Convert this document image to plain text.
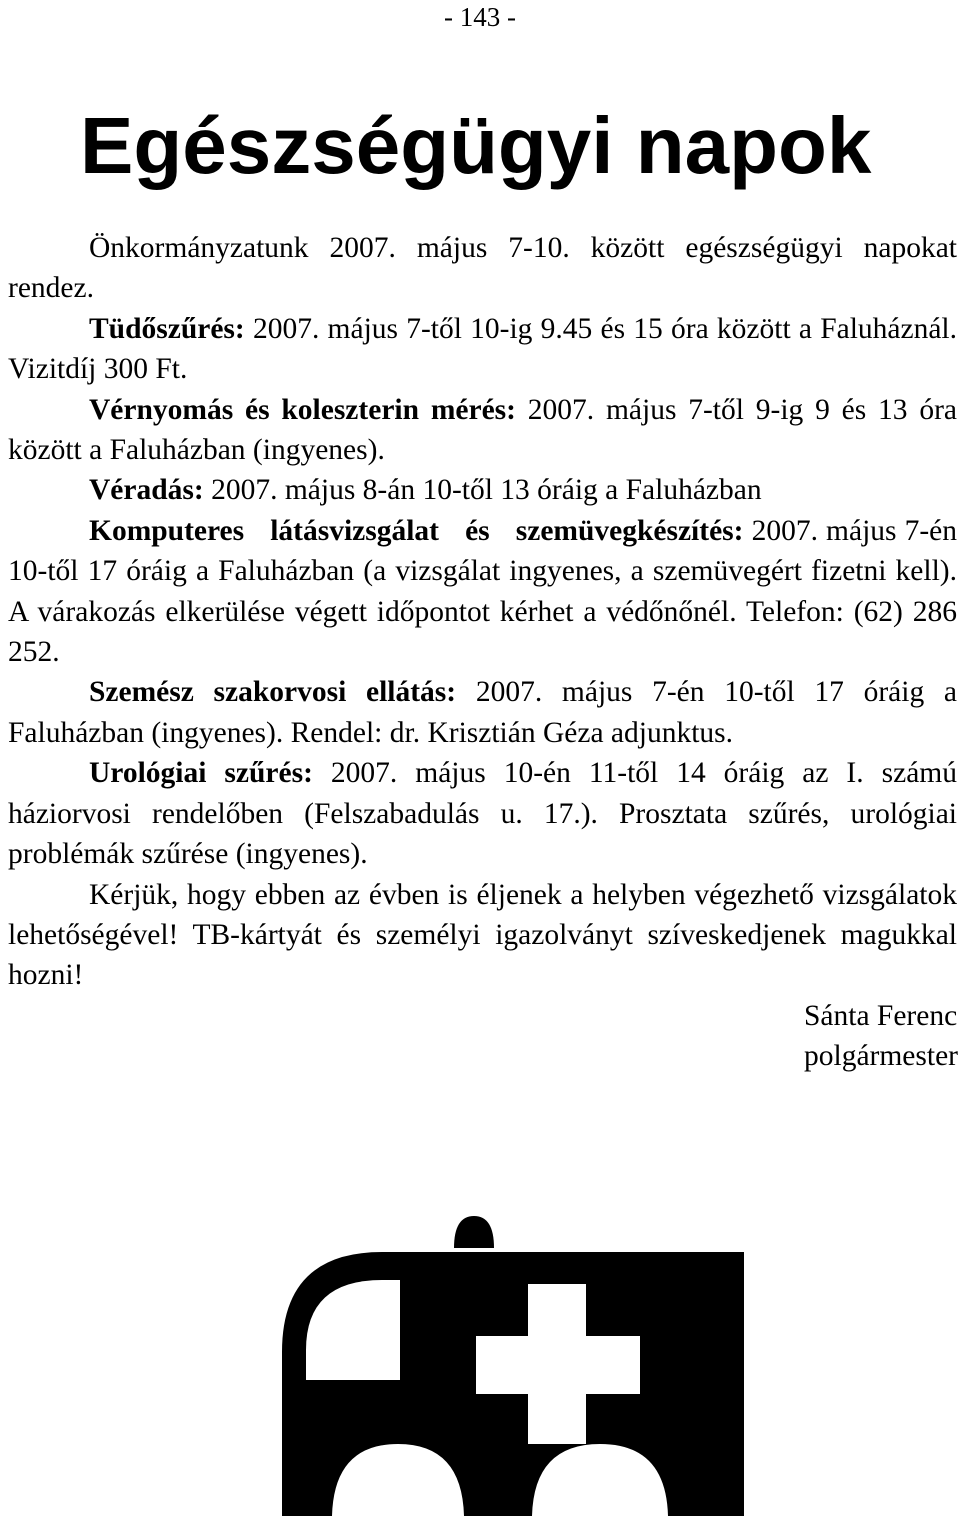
- 143 -
Egészségügyi napok

Önkormányzatunk 2007. május 7-10. között egészségügyi napokat rendez.

Tüdőszűrés: 2007. május 7-től 10-ig 9.45 és 15 óra között a Faluháznál. Vizitdíj 300 Ft.

Vérnyomás és koleszterin mérés: 2007. május 7-től 9-ig 9 és 13 óra között a Faluházban (ingyenes).

Véradás: 2007. május 8-án 10-től 13 óráig a Faluházban

Komputeres látásvizsgálat és szemüvegkészítés: 2007. május 7-én 10-től 17 óráig a Faluházban (a vizsgálat ingyenes, a szemüvegért fizetni kell). A várakozás elkerülése végett időpontot kérhet a védőnőnél. Telefon: (62) 286 252.

Szemész szakorvosi ellátás: 2007. május 7-én 10-től 17 óráig a Faluházban (ingyenes). Rendel: dr. Krisztián Géza adjunktus.

Urológiai szűrés: 2007. május 10-én 11-től 14 óráig az I. számú háziorvosi rendelőben (Felszabadulás u. 17.). Prosztata szűrés, urológiai problémák szűrése (ingyenes).

Kérjük, hogy ebben az évben is éljenek a helyben végezhető vizsgálatok lehetőségével! TB-kártyát és személyi igazolványt szíveskedjenek magukkal hozni!

Sánta Ferenc
polgármester
